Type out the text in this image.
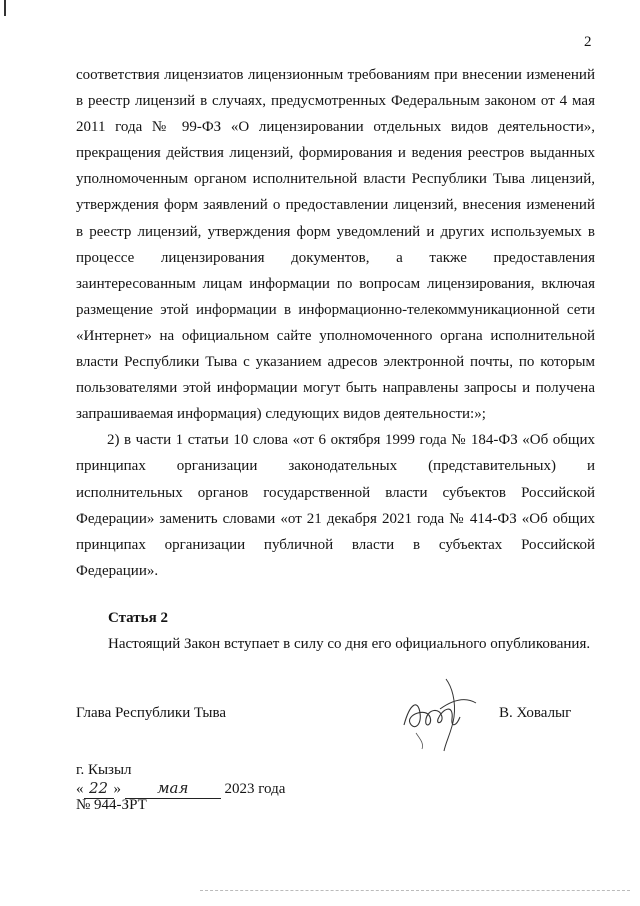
2
соответствия лицензиатов лицензионным требованиям при внесении изменений
в реестр лицензий в случаях, предусмотренных Федеральным законом от 4 мая
2011 года № 99-ФЗ «О лицензировании отдельных видов деятельности»,
прекращения действия лицензий, формирования и ведения реестров выданных
уполномоченным органом исполнительной власти Республики Тыва лицензий,
утверждения форм заявлений о предоставлении лицензий, внесения изменений
в реестр лицензий, утверждения форм уведомлений и других используемых в
процессе лицензирования документов, а также предоставления
заинтересованным лицам информации по вопросам лицензирования, включая
размещение этой информации в информационно-телекоммуникационной сети
«Интернет» на официальном сайте уполномоченного органа исполнительной
власти Республики Тыва с указанием адресов электронной почты, по которым
пользователями этой информации могут быть направлены запросы и получена
запрашиваемая информация) следующих видов деятельности:»;
2) в части 1 статьи 10 слова «от 6 октября 1999 года № 184-ФЗ «Об общих
принципах организации законодательных (представительных) и
исполнительных органов государственной власти субъектов Российской
Федерации» заменить словами «от 21 декабря 2021 года № 414-ФЗ «Об общих
принципах организации публичной власти в субъектах Российской
Федерации».
Статья 2
Настоящий Закон вступает в силу со дня его официального опубликования.
Глава Республики Тыва	В. Ховалыг
г. Кызыл
« 22 » мая 2023 года
№ 944-ЗРТ
